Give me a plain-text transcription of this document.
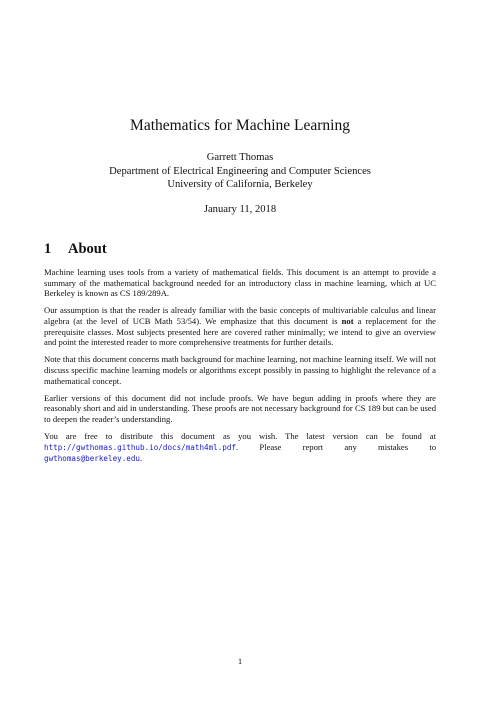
Mathematics for Machine Learning
Garrett Thomas
Department of Electrical Engineering and Computer Sciences
University of California, Berkeley
January 11, 2018
1 About

Machine learning uses tools from a variety of mathematical fields. This document is an attempt to provide a summary of the mathematical background needed for an introductory class in machine learning, which at UC Berkeley is known as CS 189/289A.

Our assumption is that the reader is already familiar with the basic concepts of multivariable calculus and linear algebra (at the level of UCB Math 53/54). We emphasize that this document is not a replacement for the prerequisite classes. Most subjects presented here are covered rather minimally; we intend to give an overview and point the interested reader to more comprehensive treatments for further details.

Note that this document concerns math background for machine learning, not machine learning itself. We will not discuss specific machine learning models or algorithms except possibly in passing to highlight the relevance of a mathematical concept.

Earlier versions of this document did not include proofs. We have begun adding in proofs where they are reasonably short and aid in understanding. These proofs are not necessary background for CS 189 but can be used to deepen the reader’s understanding.

You are free to distribute this document as you wish. The latest version can be found at http://gwthomas.github.io/docs/math4ml.pdf. Please report any mistakes to gwthomas@berkeley.edu.

1
